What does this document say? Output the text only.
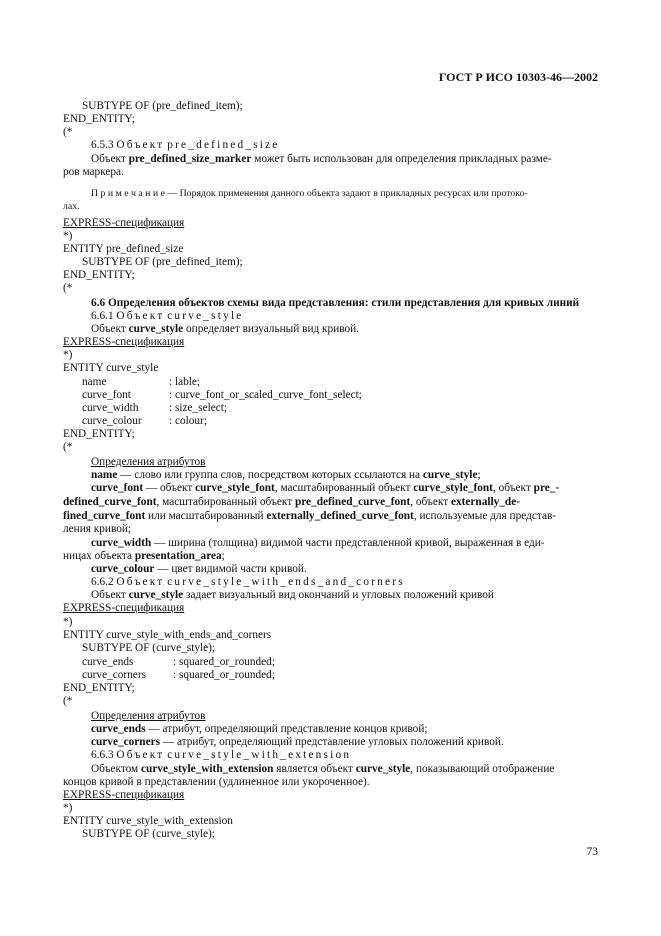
ГОСТ Р ИСО 10303-46—2002
SUBTYPE OF (pre_defined_item);
END_ENTITY;
(*
6.5.3 Объект pre_defined_size
Объект pre_defined_size_marker может быть использован для определения прикладных разме-
ров маркера.
П р и м е ч а н и е — Порядок применения данного объекта задают в прикладных ресурсах или протоко-
лах.
EXPRESS-спецификация
*)
ENTITY pre_defined_size
SUBTYPE OF (pre_defined_item);
END_ENTITY;
(*
6.6 Определения объектов схемы вида представления: стили представления для кривых линий
6.6.1 Объект curve_style
Объект curve_style определяет визуальный вид кривой.
EXPRESS-спецификация
*)
ENTITY curve_style
name	: lable;
curve_font	: curve_font_or_scaled_curve_font_select;
curve_width	: size_select;
curve_colour : colour;
END_ENTITY;
(*
Определения атрибутов
name — слово или группа слов, посредством которых ссылаются на curve_style;
curve_font — объект curve_style_font, масштабированный объект curve_style_font, объект pre_-
defined_curve_font, масштабированный объект pre_defined_curve_font, объект externally_de-
fined_curve_font или масштабированный externally_defined_curve_font, используемые для представ-
ления кривой;
curve_width — ширина (толщина) видимой части представленной кривой, выраженная в еди-
ницах объекта presentation_area;
curve_colour — цвет видимой части кривой.
6.6.2 Объект curve_style_with_ends_and_corners
Объект curve_style задает визуальный вид окончаний и угловых положений кривой
EXPRESS-спецификация
*)
ENTITY curve_style_with_ends_and_corners
SUBTYPE OF (curve_style);
curve_ends	: squared_or_rounded;
curve_corners : squared_or_rounded;
END_ENTITY;
(*
Определения атрибутов
curve_ends — атрибут, определяющий представление концов кривой;
curve_corners — атрибут, определяющий представление угловых положений кривой.
6.6.3 Объект curve_style_with_extension
Объектом curve_style_with_extension является объект curve_style, показывающий отображение
концов кривой в представлении (удлиненное или укороченное).
EXPRESS-спецификация
*)
ENTITY curve_style_with_extension
SUBTYPE OF (curve_style);
73
